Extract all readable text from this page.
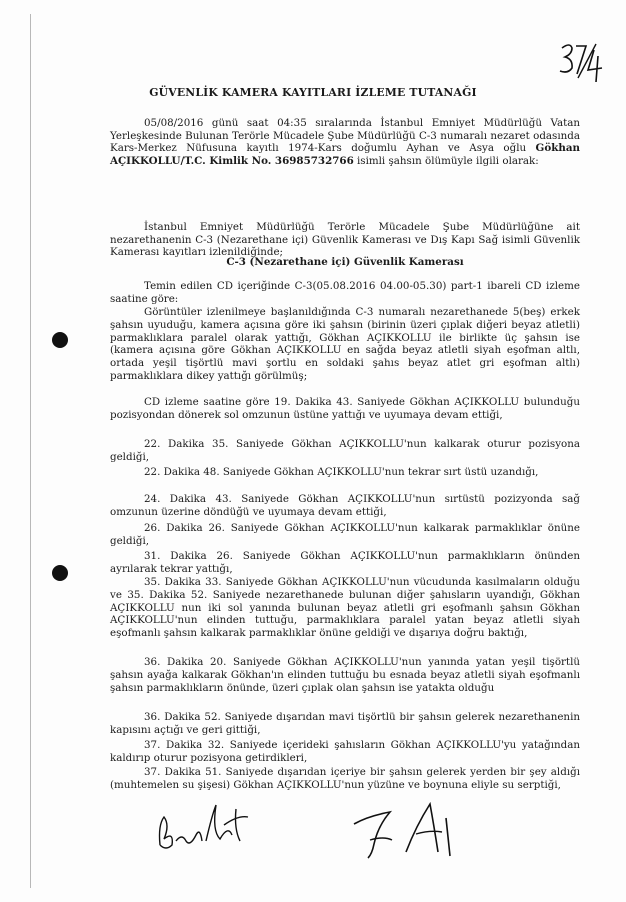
GÜVENLİK KAMERA KAYITLARI İZLEME TUTANAĞI

05/08/2016 günü saat 04:35 sıralarında İstanbul Emniyet Müdürlüğü Vatan Yerleşkesinde Bulunan Terörle Mücadele Şube Müdürlüğü C-3 numaralı nezaret odasında Kars-Merkez Nüfusuna kayıtlı 1974-Kars doğumlu Ayhan ve Asya oğlu Gökhan AÇIKKOLLU/T.C. Kimlik No. 36985732766 isimli şahsın ölümüyle ilgili olarak:

İstanbul Emniyet Müdürlüğü Terörle Mücadele Şube Müdürlüğüne ait nezarethanenin C-3 (Nezarethane içi) Güvenlik Kamerası ve Dış Kapı Sağ isimli Güvenlik Kamerası kayıtları izlenildiğinde;

C-3 (Nezarethane içi) Güvenlik Kamerası

Temin edilen CD içeriğinde C-3(05.08.2016 04.00-05.30) part-1 ibareli CD izleme saatine göre:

Görüntüler izlenilmeye başlanıldığında C-3 numaralı nezarethanede 5(beş) erkek şahsın uyuduğu, kamera açısına göre iki şahsın (birinin üzeri çıplak diğeri beyaz atletli) parmaklıklara paralel olarak yattığı, Gökhan AÇIKKOLLU ile birlikte üç şahsın ise (kamera açısına göre Gökhan AÇIKKOLLU en sağda beyaz atletli siyah eşofman altlı, ortada yeşil tişörtlü mavi şortlu en soldaki şahıs beyaz atlet gri eşofman altlı) parmaklıklara dikey yattığı görülmüş;

CD izleme saatine göre 19. Dakika 43. Saniyede Gökhan AÇIKKOLLU bulunduğu pozisyondan dönerek sol omzunun üstüne yattığı ve uyumaya devam ettiği,

22. Dakika 35. Saniyede Gökhan AÇIKKOLLU'nun kalkarak oturur pozisyona geldiği,

22. Dakika 48. Saniyede Gökhan AÇIKKOLLU'nun tekrar sırt üstü uzandığı,

24. Dakika 43. Saniyede Gökhan AÇIKKOLLU'nun sırtüstü pozizyonda sağ omzunun üzerine döndüğü ve uyumaya devam ettiği,

26. Dakika 26. Saniyede Gökhan AÇIKKOLLU'nun kalkarak parmaklıklar önüne geldiği,

31. Dakika 26. Saniyede Gökhan AÇIKKOLLU'nun parmaklıkların önünden ayrılarak tekrar yattığı,

35. Dakika 33. Saniyede Gökhan AÇIKKOLLU'nun vücudunda kasılmaların olduğu ve 35. Dakika 52. Saniyede nezarethanede bulunan diğer şahısların uyandığı, Gökhan AÇIKKOLLU nun iki sol yanında bulunan beyaz atletli gri eşofmanlı şahsın Gökhan AÇIKKOLLU'nun elinden tuttuğu, parmaklıklara paralel yatan beyaz atletli siyah eşofmanlı şahsın kalkarak parmaklıklar önüne geldiği ve dışarıya doğru baktığı,

36. Dakika 20. Saniyede Gökhan AÇIKKOLLU'nun yanında yatan yeşil tişörtlü şahsın ayağa kalkarak Gökhan'ın elinden tuttuğu bu esnada beyaz atletli siyah eşofmanlı şahsın parmaklıkların önünde, üzeri çıplak olan şahsın ise yatakta olduğu

36. Dakika 52. Saniyede dışarıdan mavi tişörtlü bir şahsın gelerek nezarethanenin kapısını açtığı ve geri gittiği,

37. Dakika 32. Saniyede içerideki şahısların Gökhan AÇIKKOLLU'yu yatağından kaldırıp oturur pozisyona getirdikleri,

37. Dakika 51. Saniyede dışarıdan içeriye bir şahsın gelerek yerden bir şey aldığı (muhtemelen su şişesi) Gökhan AÇIKKOLLU'nun yüzüne ve boynuna eliyle su serptiği,
